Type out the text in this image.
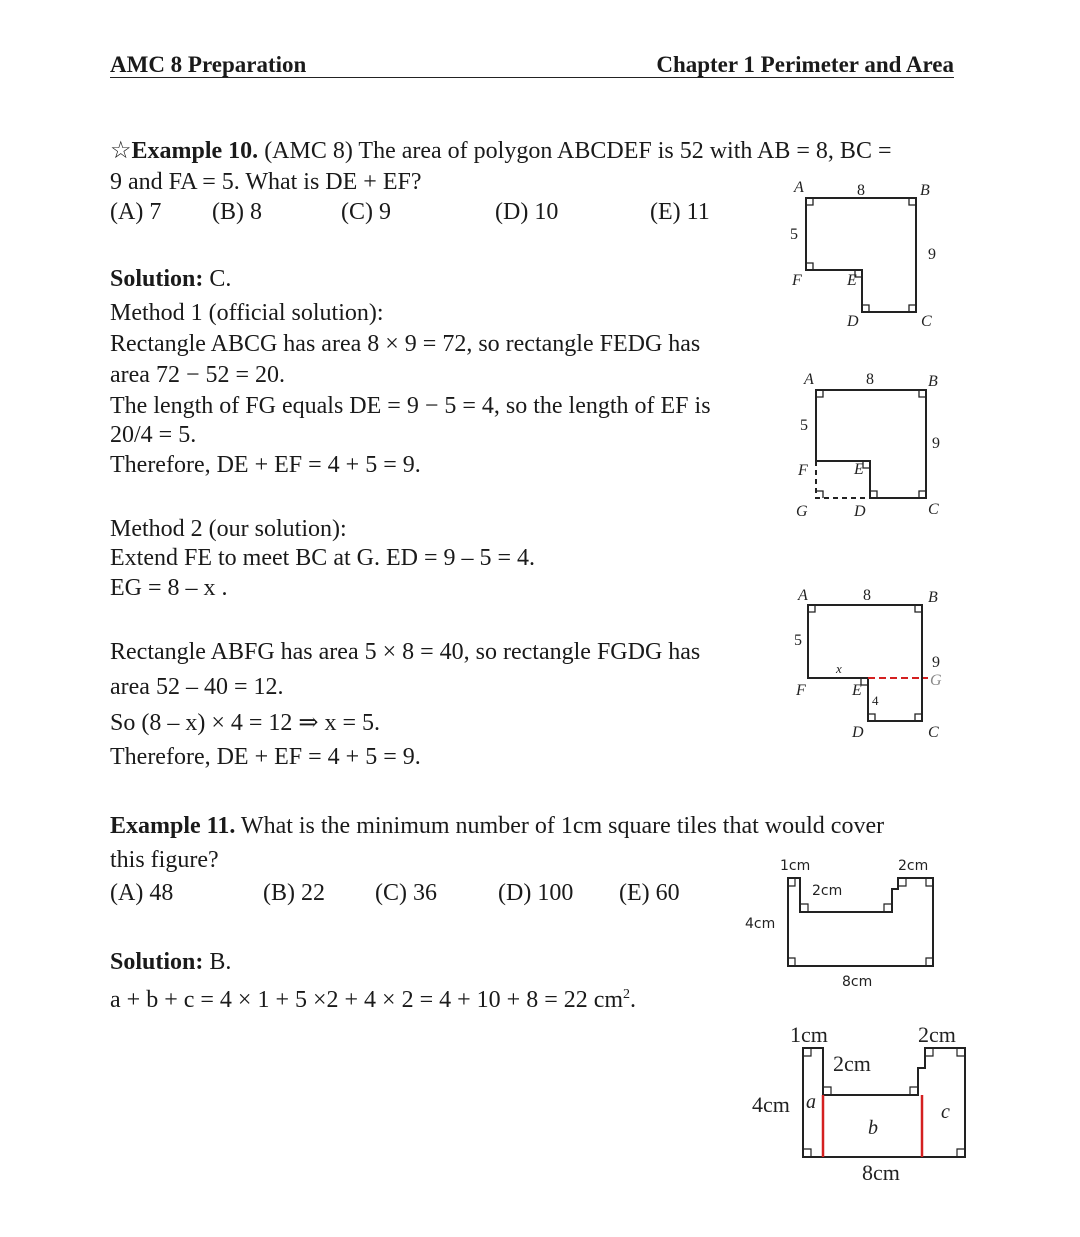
AMC 8 Preparation	Chapter 1 Perimeter and Area
☆Example 10. (AMC 8) The area of polygon ABCDEF is 52 with AB = 8, BC =
9 and FA = 5. What is DE + EF?
(A) 7 (B) 8	(C) 9	(D) 10	(E) 11
Solution: C.
Method 1 (official solution):
Rectangle ABCG has area 8 × 9 = 72, so rectangle FEDG has
area 72 − 52 = 20.
The length of FG equals DE = 9 − 5 = 4, so the length of EF is
20/4 = 5.
Therefore, DE + EF = 4 + 5 = 9.
Method 2 (our solution):
Extend FE to meet BC at G. ED = 9 – 5 = 4.
EG = 8 – x .
Rectangle ABFG has area 5 × 8 = 40, so rectangle FGDG has
area 52 – 40 = 12.
So (8 – x) × 4 = 12 ⇒ x = 5.
Therefore, DE + EF = 4 + 5 = 9.
Example 11. What is the minimum number of 1cm square tiles that would cover
this figure?
(A) 48	(B) 22 (C) 36	(D) 100 (E) 60
Solution: B.
a + b + c = 4 × 1 + 5 ×2 + 4 × 2 = 4 + 10 + 8 = 22 $cm^2$.
A	B
C
D
E
F
8
5
9
A	B
C
D
E
F
G
8
5
9
A	B
C
D
E
F
G
8
5
9
x
4
1cm	2cm
2cm
4cm
8cm
1cm	2cm
2cm
4cm
8cm
a
b
c
